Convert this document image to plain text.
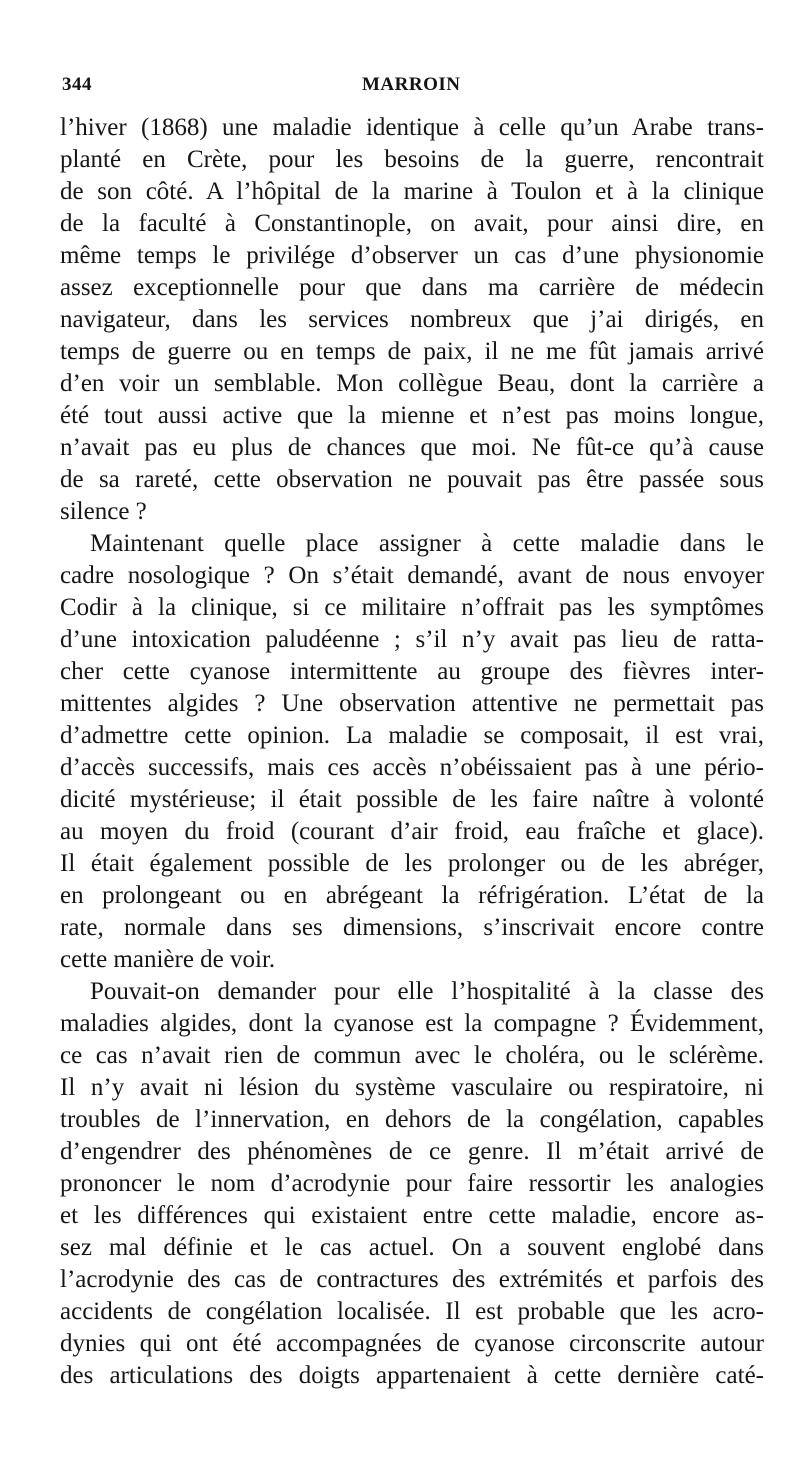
344	MARROIN
l’hiver (1868) une maladie identique à celle qu’un Arabe trans-
planté en Crète, pour les besoins de la guerre, rencontrait
de son côté. A l’hôpital de la marine à Toulon et à la clinique
de la faculté à Constantinople, on avait, pour ainsi dire, en
même temps le privilége d’observer un cas d’une physionomie
assez exceptionnelle pour que dans ma carrière de médecin
navigateur, dans les services nombreux que j’ai dirigés, en
temps de guerre ou en temps de paix, il ne me fût jamais arrivé
d’en voir un semblable. Mon collègue Beau, dont la carrière a
été tout aussi active que la mienne et n’est pas moins longue,
n’avait pas eu plus de chances que moi. Ne fût-ce qu’à cause
de sa rareté, cette observation ne pouvait pas être passée sous
silence ?
Maintenant quelle place assigner à cette maladie dans le
cadre nosologique ? On s’était demandé, avant de nous envoyer
Codir à la clinique, si ce militaire n’offrait pas les symptômes
d’une intoxication paludéenne ; s’il n’y avait pas lieu de ratta-
cher cette cyanose intermittente au groupe des fièvres inter-
mittentes algides ? Une observation attentive ne permettait pas
d’admettre cette opinion. La maladie se composait, il est vrai,
d’accès successifs, mais ces accès n’obéissaient pas à une pério-
dicité mystérieuse; il était possible de les faire naître à volonté
au moyen du froid (courant d’air froid, eau fraîche et glace).
Il était également possible de les prolonger ou de les abréger,
en prolongeant ou en abrégeant la réfrigération. L’état de la
rate, normale dans ses dimensions, s’inscrivait encore contre
cette manière de voir.
Pouvait-on demander pour elle l’hospitalité à la classe des
maladies algides, dont la cyanose est la compagne ? Évidemment,
ce cas n’avait rien de commun avec le choléra, ou le sclérème.
Il n’y avait ni lésion du système vasculaire ou respiratoire, ni
troubles de l’innervation, en dehors de la congélation, capables
d’engendrer des phénomènes de ce genre. Il m’était arrivé de
prononcer le nom d’acrodynie pour faire ressortir les analogies
et les différences qui existaient entre cette maladie, encore as-
sez mal définie et le cas actuel. On a souvent englobé dans
l’acrodynie des cas de contractures des extrémités et parfois des
accidents de congélation localisée. Il est probable que les acro-
dynies qui ont été accompagnées de cyanose circonscrite autour
des articulations des doigts appartenaient à cette dernière caté-
